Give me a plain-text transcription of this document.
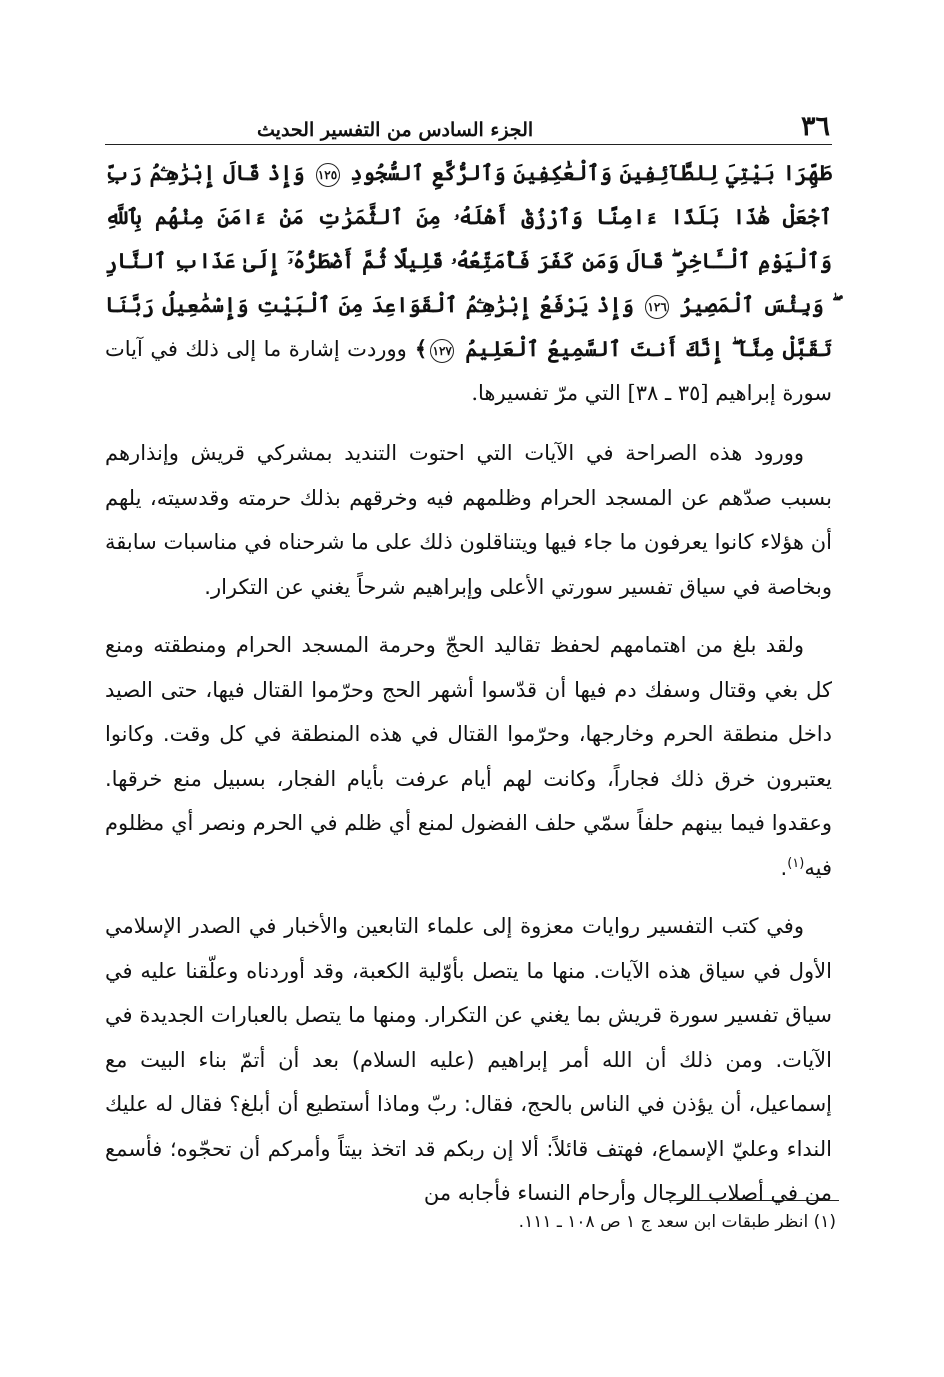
٣٦
الجزء السادس من التفسير الحديث
طَهِّرَا بَيْتِيَ لِلطَّآئِفِينَ وَٱلْعَٰكِفِينَ وَٱلرُّكَّعِ ٱلسُّجُودِ ١٢٥ وَإِذْ قَالَ إِبْرَٰهِـۧمُ رَبِّ ٱجْعَلْ هَٰذَا بَلَدًا ءَامِنًا وَٱرْزُقْ أَهْلَهُۥ مِنَ ٱلثَّمَرَٰتِ مَنْ ءَامَنَ مِنْهُم بِٱللَّهِ وَٱلْيَوْمِ ٱلْـَٔاخِرِ ۖ قَالَ وَمَن كَفَرَ فَأُمَتِّعُهُۥ قَلِيلًا ثُمَّ أَضْطَرُّهُۥٓ إِلَىٰ عَذَابِ ٱلنَّارِ ۖ وَبِئْسَ ٱلْمَصِيرُ ١٢٦ وَإِذْ يَرْفَعُ إِبْرَٰهِـۧمُ ٱلْقَوَاعِدَ مِنَ ٱلْبَيْتِ وَإِسْمَٰعِيلُ رَبَّنَا تَقَبَّلْ مِنَّآ ۖ إِنَّكَ أَنتَ ٱلسَّمِيعُ ٱلْعَلِيمُ ١٢٧﴾ ووردت إشارة ما إلى ذلك في آيات سورة إبراهيم [٣٥ ـ ٣٨] التي مرّ تفسيرها.

وورود هذه الصراحة في الآيات التي احتوت التنديد بمشركي قريش وإنذارهم بسبب صدّهم عن المسجد الحرام وظلمهم فيه وخرقهم بذلك حرمته وقدسيته، يلهم أن هؤلاء كانوا يعرفون ما جاء فيها ويتناقلون ذلك على ما شرحناه في مناسبات سابقة وبخاصة في سياق تفسير سورتي الأعلى وإبراهيم شرحاً يغني عن التكرار.

ولقد بلغ من اهتمامهم لحفظ تقاليد الحجّ وحرمة المسجد الحرام ومنطقته ومنع كل بغي وقتال وسفك دم فيها أن قدّسوا أشهر الحج وحرّموا القتال فيها، حتى الصيد داخل منطقة الحرم وخارجها، وحرّموا القتال في هذه المنطقة في كل وقت. وكانوا يعتبرون خرق ذلك فجاراً، وكانت لهم أيام عرفت بأيام الفجار، بسبيل منع خرقها. وعقدوا فيما بينهم حلفاً سمّي حلف الفضول لمنع أي ظلم في الحرم ونصر أي مظلوم فيه$^{(١)}$.

وفي كتب التفسير روايات معزوة إلى علماء التابعين والأخبار في الصدر الإسلامي الأول في سياق هذه الآيات. منها ما يتصل بأوّلية الكعبة، وقد أوردناه وعلّقنا عليه في سياق تفسير سورة قريش بما يغني عن التكرار. ومنها ما يتصل بالعبارات الجديدة في الآيات. ومن ذلك أن الله أمر إبراهيم (عليه السلام) بعد أن أتمّ بناء البيت مع إسماعيل، أن يؤذن في الناس بالحج، فقال: ربّ وماذا أستطيع أن أبلغ؟ فقال له عليك النداء وعليّ الإسماع، فهتف قائلاً: ألا إن ربكم قد اتخذ بيتاً وأمركم أن تحجّوه؛ فأسمع من في أصلاب الرجال وأرحام النساء فأجابه من

(١) انظر طبقات ابن سعد ج ١ ص ١٠٨ ـ ١١١.
